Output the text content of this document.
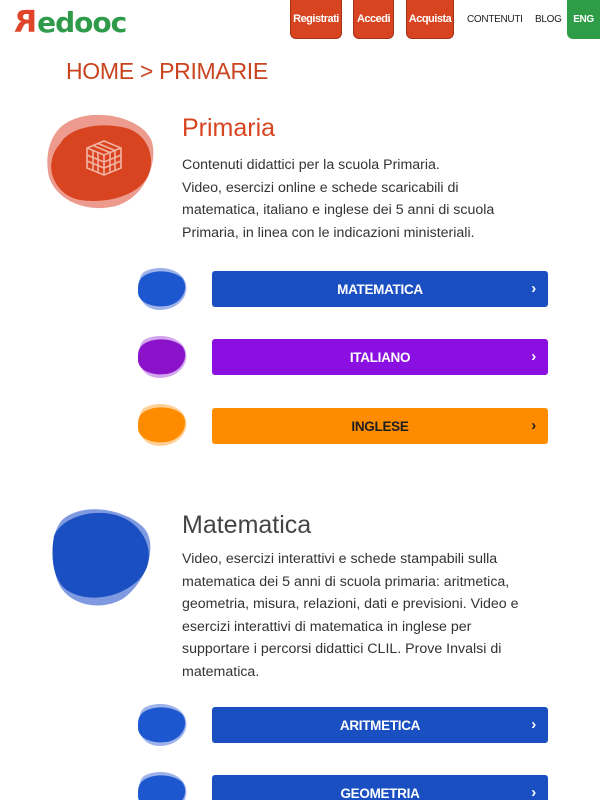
R edooc	Registrati	Accedi	Acquista CONTENUTI BLOG	ENG
HOME > PRIMARIE
Primaria
Contenuti didattici per la scuola Primaria.
Video, esercizi online e schede scaricabili di
matematica, italiano e inglese dei 5 anni di scuola
Primaria, in linea con le indicazioni ministeriali.
MATEMATICA	›
ITALIANO	›
INGLESE	›
Matematica
Video, esercizi interattivi e schede stampabili sulla
matematica dei 5 anni di scuola primaria: aritmetica,
geometria, misura, relazioni, dati e previsioni. Video e
esercizi interattivi di matematica in inglese per
supportare i percorsi didattici CLIL. Prove Invalsi di
matematica.
ARITMETICA	›
GEOMETRIA	›
